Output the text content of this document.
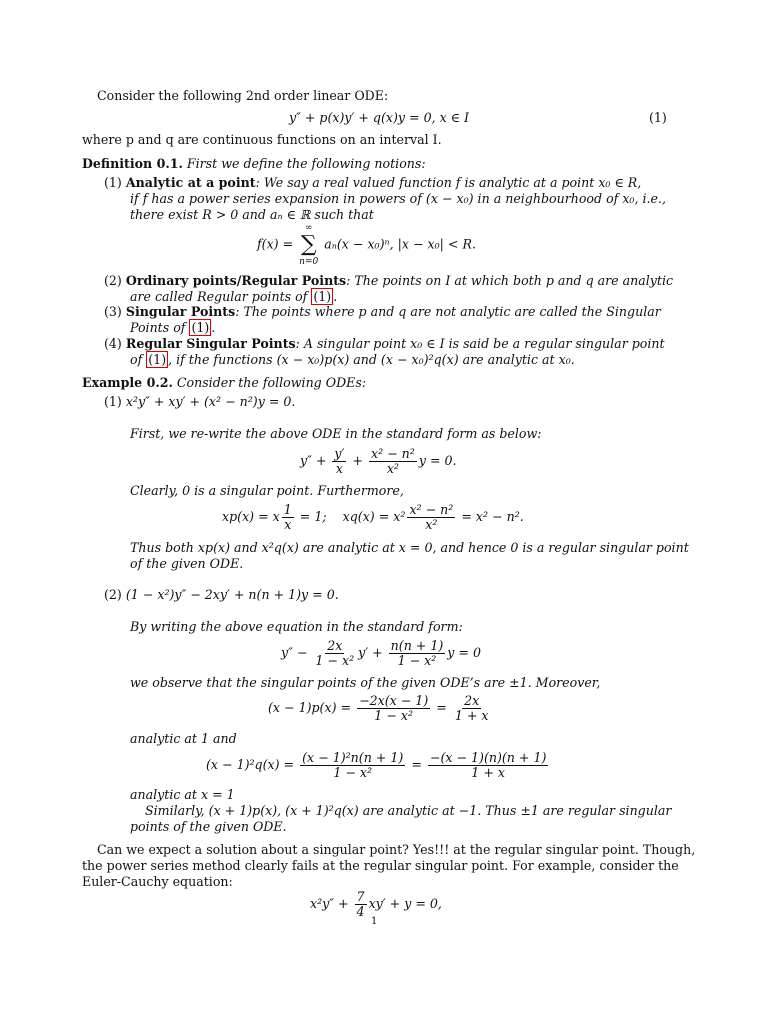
Consider the following 2nd order linear ODE:
y″ + p(x)y′ + q(x)y = 0, x ∈ I	(1)
where p and q are continuous functions on an interval I.
Definition 0.1. First we define the following notions:
(1) Analytic at a point: We say a real valued function f is analytic at a point x₀ ∈ R,
if f has a power series expansion in powers of (x − x₀) in a neighbourhood of x₀, i.e.,
there exist R > 0 and aₙ ∈ ℝ such that
f(x) =
∞
∑
n=0
aₙ(x − x₀)ⁿ, |x − x₀| < R.
(2) Ordinary points/Regular Points: The points on I at which both p and q are analytic
are called Regular points of (1) .
(3) Singular Points: The points where p and q are not analytic are called the Singular
Points of (1) .
(4) Regular Singular Points: A singular point x₀ ∈ I is said be a regular singular point
of (1) , if the functions (x − x₀)p(x) and (x − x₀)²q(x) are analytic at x₀.
Example 0.2. Consider the following ODEs:
(1) x²y″ + xy′ + (x² − n²)y = 0.
First, we re-write the above ODE in the standard form as below:
$y'' + \frac{y'}{x} + \frac{\text{x² − n²}}{\text{x²}}$ y = 0.
Clearly, 0 is a singular point. Furthermore,
xp(x) = x $\frac{1}{x} = 1$; $xq(x) = x^2 \frac{\text{x² − n²}}{\text{x²}} = x^2 - n^2$.
Thus both xp(x) and x²q(x) are analytic at x = 0, and hence 0 is a regular singular point
of the given ODE.
(2) (1 − x²)y″ − 2xy′ + n(n + 1)y = 0.
By writing the above equation in the standard form:
$y'' - \frac{2x}{\text{1 − x²}} y' + \frac{n(n + 1)}{\text{1 − x²}}$ y = 0
we observe that the singular points of the given ODE’s are ±1. Moreover,
$(x - 1)p(x) = \frac{-2x(x - 1)}{\text{1 − x²}} = \frac{2x}{1 + x}$
analytic at 1 and
$(x - 1)^2q(x) = \frac{\text{(x − 1)²n(n + 1)}}{\text{1 − x²}} = \frac{-(x - 1)(n)(n + 1)}{1 + x}$
analytic at x = 1
Similarly, (x + 1)p(x), (x + 1)²q(x) are analytic at −1. Thus ±1 are regular singular
points of the given ODE.
Can we expect a solution about a singular point? Yes!!! at the regular singular point. Though,
the power series method clearly fails at the regular singular point. For example, consider the
Euler-Cauchy equation:
$x^2y'' + \frac{7}{4} xy' + y = 0$,
1
